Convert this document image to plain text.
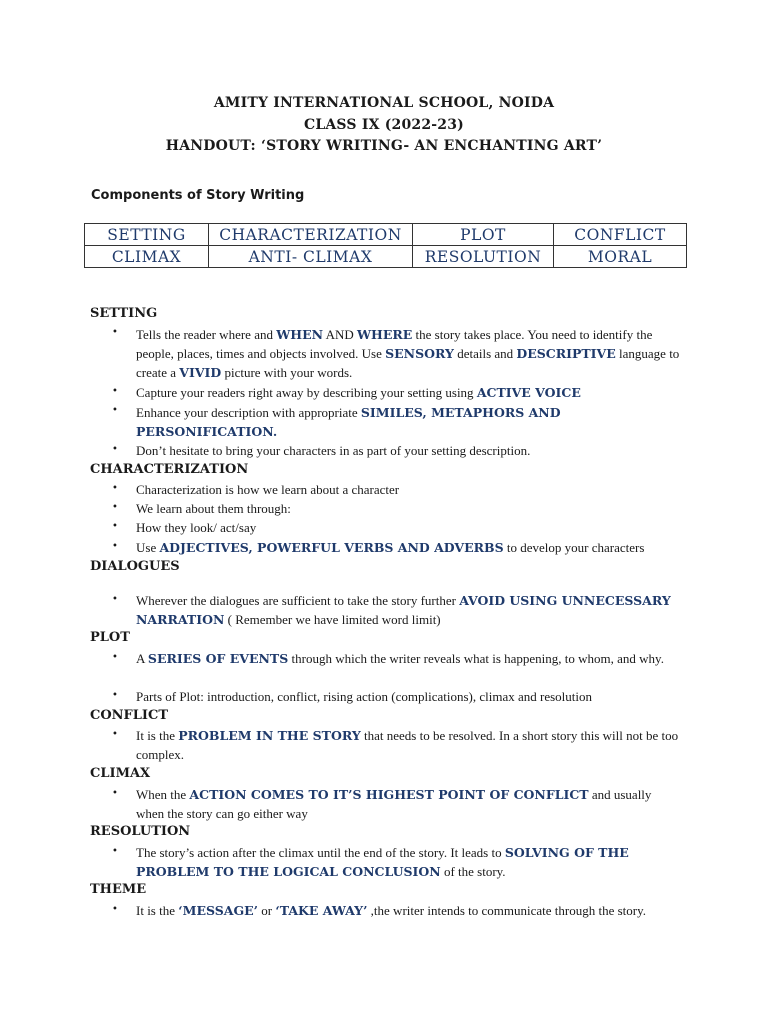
AMITY INTERNATIONAL SCHOOL, NOIDA
CLASS IX (2022-23)
HANDOUT: ‘STORY WRITING- AN ENCHANTING ART’
Components of Story Writing
SETTING	CHARACTERIZATION	PLOT	CONFLICT
CLIMAX	ANTI- CLIMAX	RESOLUTION	MORAL
SETTING
• Tells the reader where and WHEN AND WHERE the story takes place. You need to identify the people, places, times and objects involved. Use SENSORY details and DESCRIPTIVE language to create a VIVID picture with your words.
• Capture your readers right away by describing your setting using ACTIVE VOICE
• Enhance your description with appropriate SIMILES, METAPHORS AND PERSONIFICATION.
• Don’t hesitate to bring your characters in as part of your setting description.
CHARACTERIZATION
• Characterization is how we learn about a character
• We learn about them through:
• How they look/ act/say
• Use ADJECTIVES, POWERFUL VERBS AND ADVERBS to develop your characters
DIALOGUES
• Wherever the dialogues are sufficient to take the story further AVOID USING UNNECESSARY NARRATION ( Remember we have limited word limit)
PLOT
• A SERIES OF EVENTS through which the writer reveals what is happening, to whom, and why.
• Parts of Plot: introduction, conflict, rising action (complications), climax and resolution
CONFLICT
• It is the PROBLEM IN THE STORY that needs to be resolved. In a short story this will not be too complex.
CLIMAX
• When the ACTION COMES TO IT’S HIGHEST POINT OF CONFLICT and usually when the story can go either way
RESOLUTION
• The story’s action after the climax until the end of the story. It leads to SOLVING OF THE PROBLEM TO THE LOGICAL CONCLUSION of the story.
THEME
• It is the ‘MESSAGE’ or ‘TAKE AWAY’ ,the writer intends to communicate through the story.
